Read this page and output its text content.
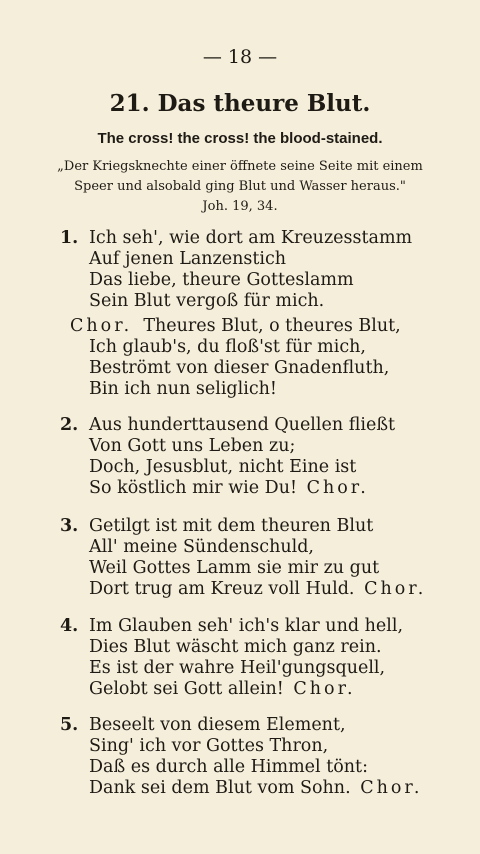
— 18 —
21. Das theure Blut.
The cross! the cross! the blood-stained.
„Der Kriegsknechte einer öffnete seine Seite mit einem
Speer und alsobald ging Blut und Wasser heraus."
Joh. 19, 34.
1. Ich seh', wie dort am Kreuzesstamm
Auf jenen Lanzenstich
Das liebe, theure Gotteslamm
Sein Blut vergoß für mich.
Chor. Theures Blut, o theures Blut,
Ich glaub's, du floß'st für mich,
Beströmt von dieser Gnadenfluth,
Bin ich nun seliglich!
2. Aus hunderttausend Quellen fließt
Von Gott uns Leben zu;
Doch, Jesusblut, nicht Eine ist
So köstlich mir wie Du! Chor.
3. Getilgt ist mit dem theuren Blut
All' meine Sündenschuld,
Weil Gottes Lamm sie mir zu gut
Dort trug am Kreuz voll Huld. Chor.
4. Im Glauben seh' ich's klar und hell,
Dies Blut wäscht mich ganz rein.
Es ist der wahre Heil'gungsquell,
Gelobt sei Gott allein! Chor.
5. Beseelt von diesem Element,
Sing' ich vor Gottes Thron,
Daß es durch alle Himmel tönt:
Dank sei dem Blut vom Sohn. Chor.
